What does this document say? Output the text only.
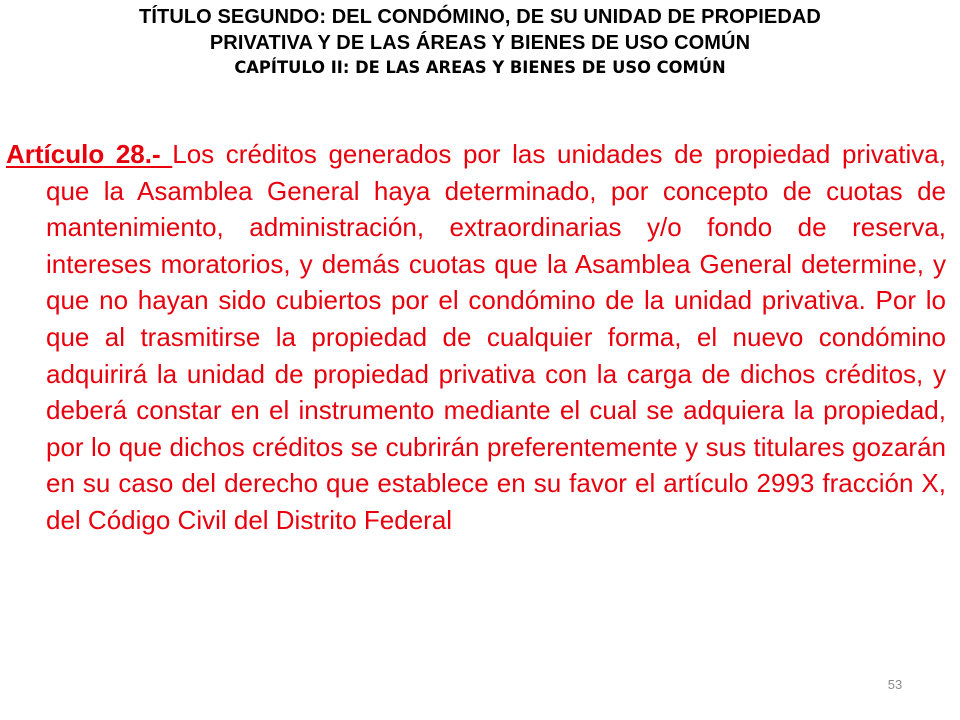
TÍTULO SEGUNDO: DEL CONDÓMINO, DE SU UNIDAD DE PROPIEDAD
PRIVATIVA Y DE LAS ÁREAS Y BIENES DE USO COMÚN
CAPÍTULO II: DE LAS AREAS Y BIENES DE USO COMÚN

Artículo 28.- Los créditos generados por las unidades de propiedad privativa, que la Asamblea General haya determinado, por concepto de cuotas de mantenimiento, administración, extraordinarias y/o fondo de reserva, intereses moratorios, y demás cuotas que la Asamblea General determine, y que no hayan sido cubiertos por el condómino de la unidad privativa. Por lo que al trasmitirse la propiedad de cualquier forma, el nuevo condómino adquirirá la unidad de propiedad privativa con la carga de dichos créditos, y deberá constar en el instrumento mediante el cual se adquiera la propiedad, por lo que dichos créditos se cubrirán preferentemente y sus titulares gozarán en su caso del derecho que establece en su favor el artículo 2993 fracción X, del Código Civil del Distrito Federal

53
